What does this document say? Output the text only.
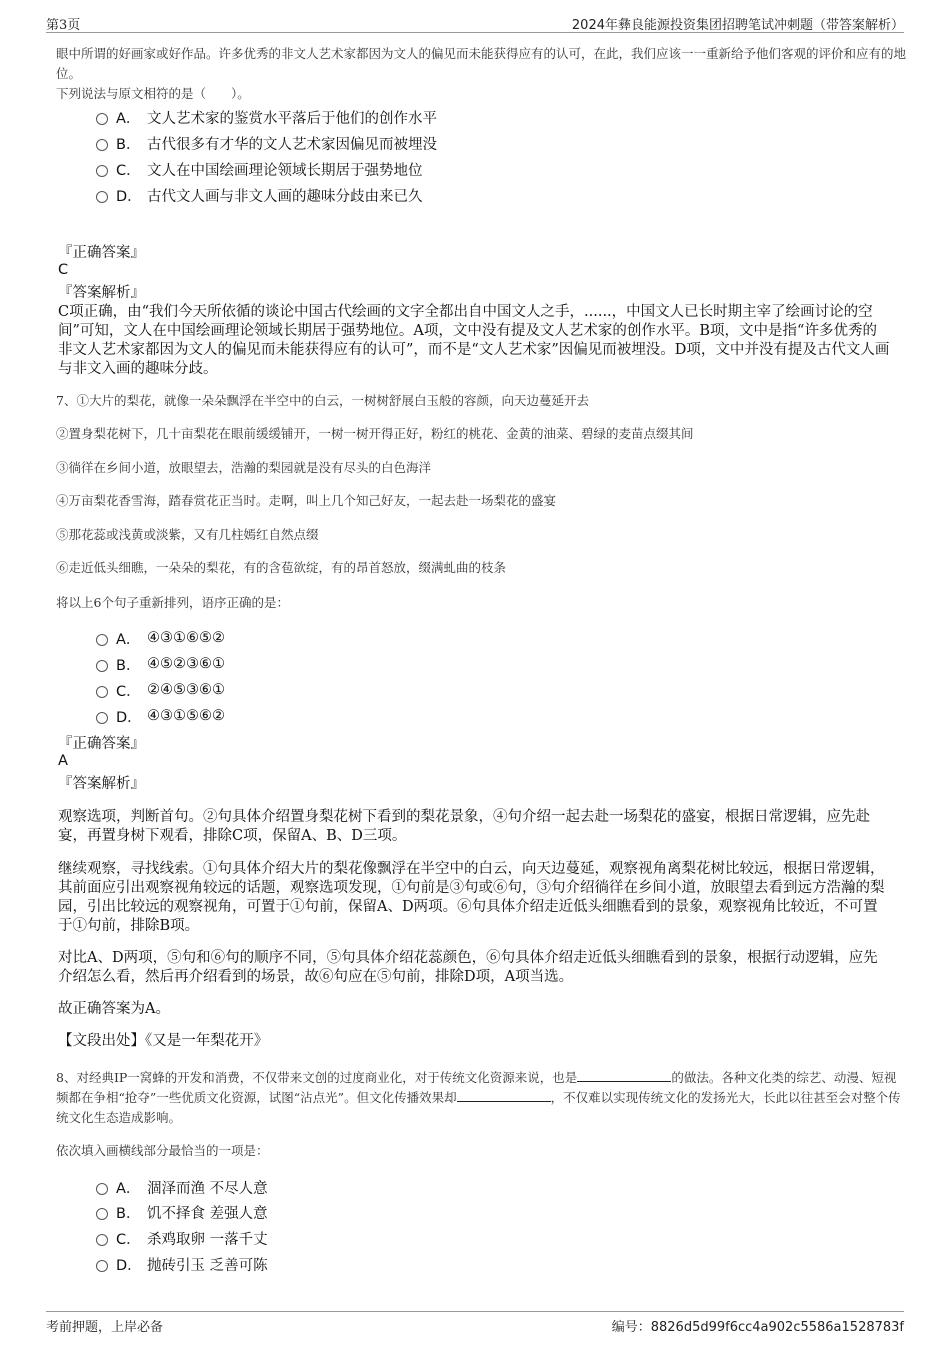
第3页	2024年彝良能源投资集团招聘笔试冲刺题（带答案解析）
眼中所谓的好画家或好作品。许多优秀的非文人艺术家都因为文人的偏见而未能获得应有的认可，在此，我们应该一一重新给予他们客观的评价和应有的地位。
下列说法与原文相符的是（　　）。
A． 文人艺术家的鉴赏水平落后于他们的创作水平
B． 古代很多有才华的文人艺术家因偏见而被埋没
C． 文人在中国绘画理论领域长期居于强势地位
D． 古代文人画与非文人画的趣味分歧由来已久
『正确答案』
C
『答案解析』
C项正确，由“我们今天所依循的谈论中国古代绘画的文字全都出自中国文人之手，......，中国文人已长时期主宰了绘画讨论的空间”可知，文人在中国绘画理论领域长期居于强势地位。A项，文中没有提及文人艺术家的创作水平。B项，文中是指“许多优秀的非文人艺术家都因为文人的偏见而未能获得应有的认可”，而不是“文人艺术家”因偏见而被埋没。D项，文中并没有提及古代文人画与非文入画的趣味分歧。
7、①大片的梨花，就像一朵朵飘浮在半空中的白云，一树树舒展白玉般的容颜，向天边蔓延开去
②置身梨花树下，几十亩梨花在眼前缓缓铺开，一树一树开得正好，粉红的桃花、金黄的油菜、碧绿的麦苗点缀其间
③徜徉在乡间小道，放眼望去，浩瀚的梨园就是没有尽头的白色海洋
④万亩梨花香雪海，踏春赏花正当时。走啊，叫上几个知己好友，一起去赴一场梨花的盛宴
⑤那花蕊或浅黄或淡紫，又有几柱嫣红自然点缀
⑥走近低头细瞧，一朵朵的梨花，有的含苞欲绽，有的昂首怒放，缀满虬曲的枝条
将以上6个句子重新排列，语序正确的是：
A． ④③①⑥⑤②
B． ④⑤②③⑥①
C． ②④⑤③⑥①
D． ④③①⑤⑥②
『正确答案』
A
『答案解析』
观察选项，判断首句。②句具体介绍置身梨花树下看到的梨花景象，④句介绍一起去赴一场梨花的盛宴，根据日常逻辑，应先赴宴，再置身树下观看，排除C项，保留A、B、D三项。
继续观察，寻找线索。①句具体介绍大片的梨花像飘浮在半空中的白云，向天边蔓延，观察视角离梨花树比较远，根据日常逻辑，其前面应引出观察视角较远的话题，观察选项发现，①句前是③句或⑥句，③句介绍徜徉在乡间小道，放眼望去看到远方浩瀚的梨园，引出比较远的观察视角，可置于①句前，保留A、D两项。⑥句具体介绍走近低头细瞧看到的景象，观察视角比较近，不可置于①句前，排除B项。
对比A、D两项，⑤句和⑥句的顺序不同，⑤句具体介绍花蕊颜色，⑥句具体介绍走近低头细瞧看到的景象，根据行动逻辑，应先介绍怎么看，然后再介绍看到的场景，故⑥句应在⑤句前，排除D项，A项当选。
故正确答案为A。
【文段出处】《又是一年梨花开》
8、对经典IP一窝蜂的开发和消费，不仅带来文创的过度商业化，对于传统文化资源来说，也是	的做法。各种文化类的综艺、动漫、短视频都在争相“抢夺”一些优质文化资源，试图“沾点光”。但文化传播效果却	，不仅难以实现传统文化的发扬光大，长此以往甚至会对整个传统文化生态造成影响。
依次填入画横线部分最恰当的一项是：
A． 涸泽而渔 不尽人意
B． 饥不择食 差强人意
C． 杀鸡取卵 一落千丈
D． 抛砖引玉 乏善可陈
考前押题，上岸必备	编号：8826d5d99f6cc4a902c5586a1528783f
